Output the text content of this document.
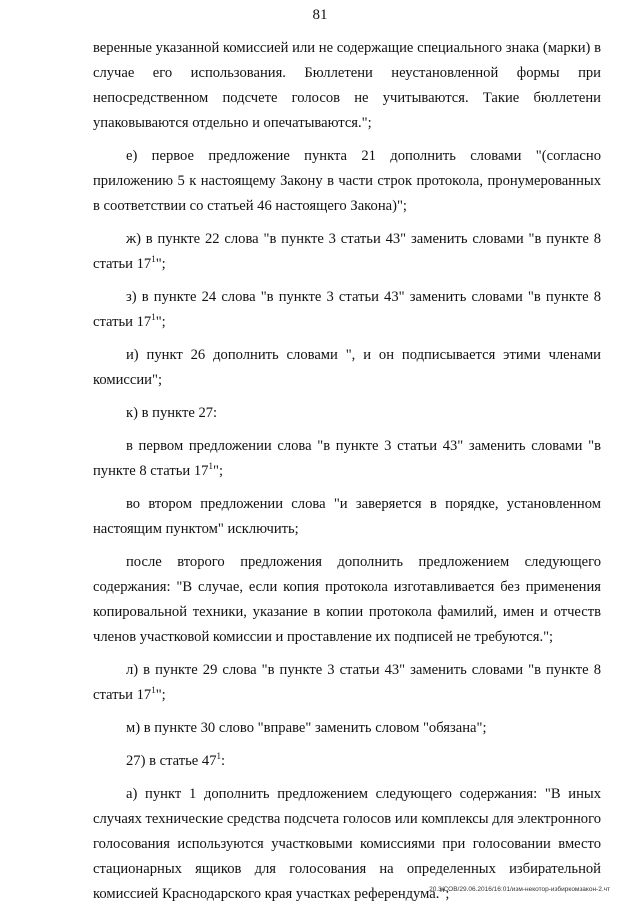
81

веренные указанной комиссией или не содержащие специального знака (марки) в случае его использования. Бюллетени неустановленной формы при непосредственном подсчете голосов не учитываются. Такие бюллетени упаковываются отдельно и опечатываются.";

е) первое предложение пункта 21 дополнить словами "(согласно приложению 5 к настоящему Закону в части строк протокола, пронумерованных в соответствии со статьей 46 настоящего Закона)";

ж) в пункте 22 слова "в пункте 3 статьи 43" заменить словами "в пункте 8 статьи $17^1$";

з) в пункте 24 слова "в пункте 3 статьи 43" заменить словами "в пункте 8 статьи $17^1$";

и) пункт 26 дополнить словами ", и он подписывается этими членами комиссии";

к) в пункте 27:

в первом предложении слова "в пункте 3 статьи 43" заменить словами "в пункте 8 статьи $17^1$";

во втором предложении слова "и заверяется в порядке, установленном настоящим пунктом" исключить;

после второго предложения дополнить предложением следующего содержания: "В случае, если копия протокола изготавливается без применения копировальной техники, указание в копии протокола фамилий, имен и отчеств членов участковой комиссии и проставление их подписей не требуются.";

л) в пункте 29 слова "в пункте 3 статьи 43" заменить словами "в пункте 8 статьи $17^1$";

м) в пункте 30 слово "вправе" заменить словом "обязана";

27) в статье $47^1$:

а) пункт 1 дополнить предложением следующего содержания: "В иных случаях технические средства подсчета голосов или комплексы для электронного голосования используются участковыми комиссиями при голосовании вместо стационарных ящиков для голосования на определенных избирательной комиссией Краснодарского края участках референдума.";

20.3/СОВ/29.06.2016/16:01/изм-некотор-избиркомзакон-2.чт
